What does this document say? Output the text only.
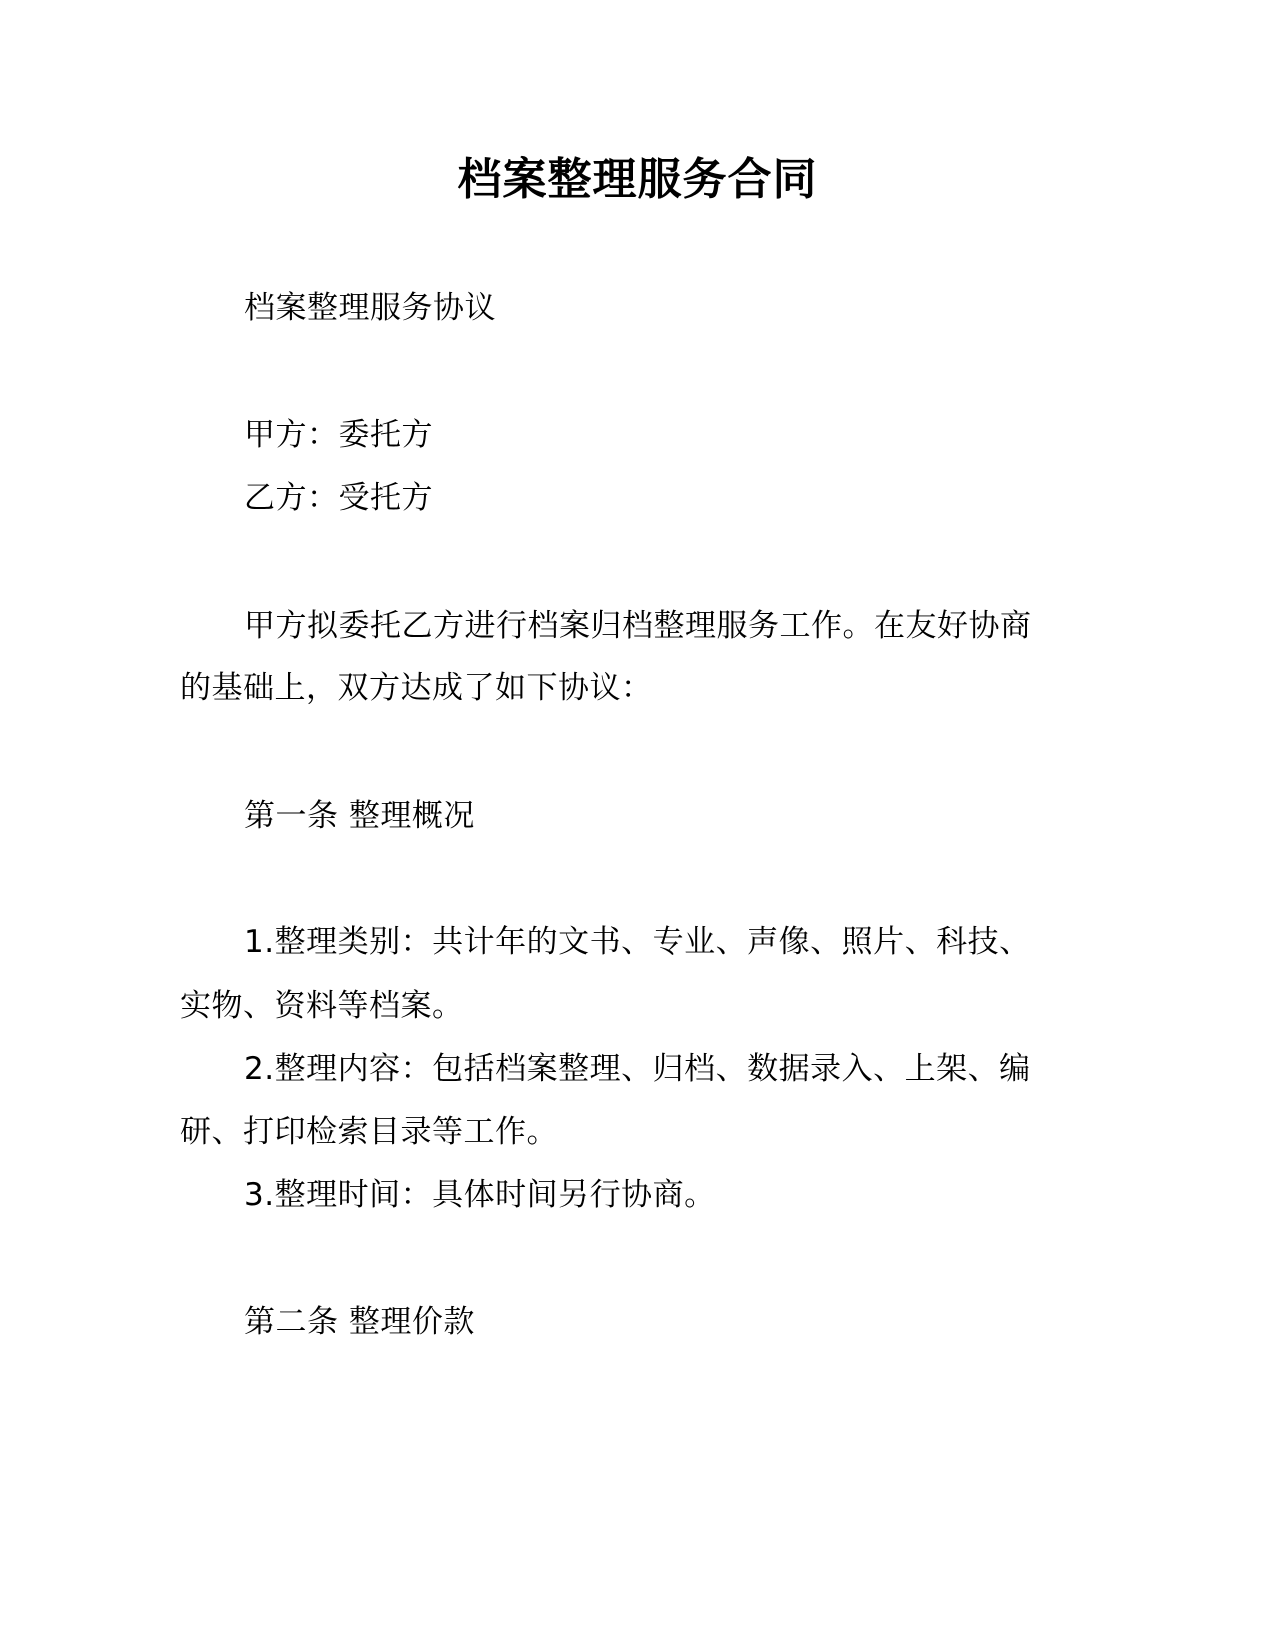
档案整理服务合同
档案整理服务协议
甲方：委托方
乙方：受托方
甲方拟委托乙方进行档案归档整理服务工作。在友好协商
的基础上，双方达成了如下协议：
第一条 整理概况
1.整理类别：共计年的文书、专业、声像、照片、科技、
实物、资料等档案。
2.整理内容：包括档案整理、归档、数据录入、上架、编
研、打印检索目录等工作。
3.整理时间：具体时间另行协商。
第二条 整理价款
